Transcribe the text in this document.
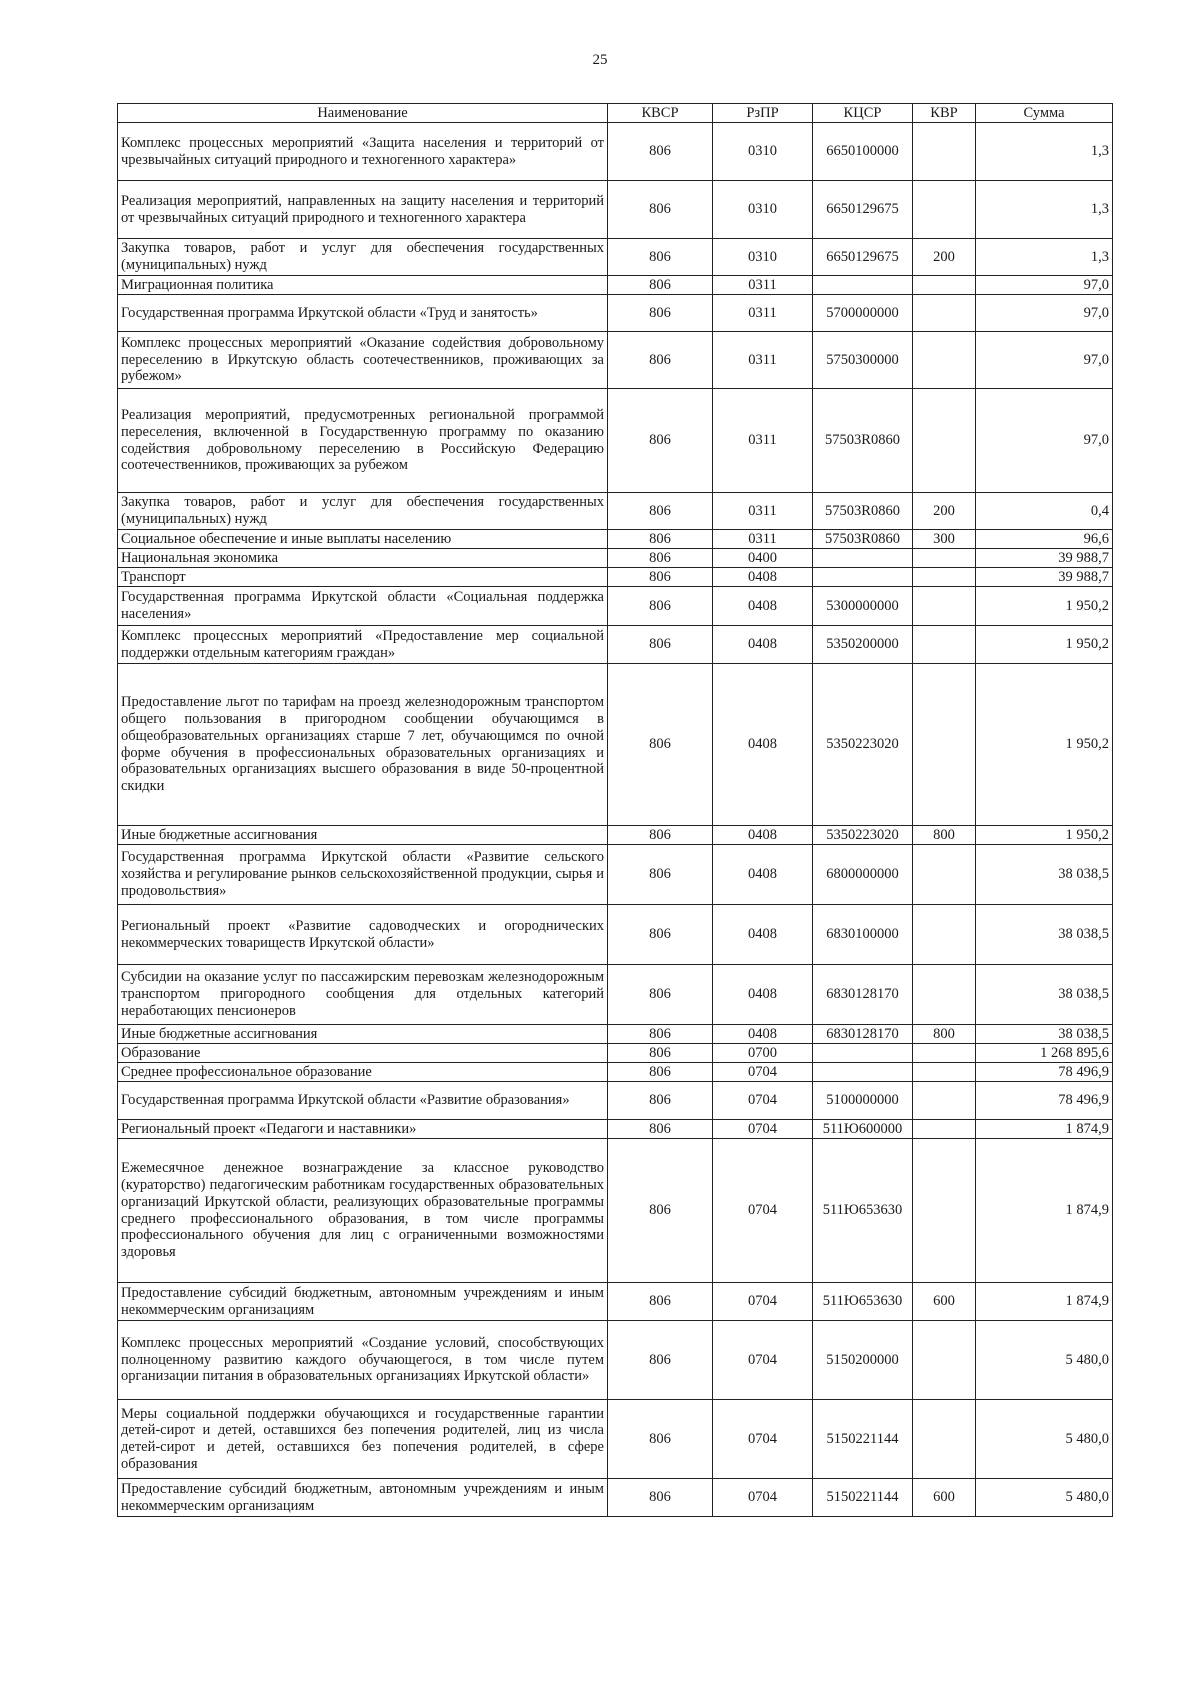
25
Наименование	КВСР	РзПР	КЦСР	КВР	Сумма
Комплекс процессных мероприятий «Защита населения и территорий от чрезвычайных ситуаций природного и техногенного характера»	806	0310	6650100000		1,3
Реализация мероприятий, направленных на защиту населения и территорий от чрезвычайных ситуаций природного и техногенного характера	806	0310	6650129675		1,3
Закупка товаров, работ и услуг для обеспечения государственных (муниципальных) нужд	806	0310	6650129675	200	1,3
Миграционная политика	806	0311			97,0
Государственная программа Иркутской области «Труд и занятость»	806	0311	5700000000		97,0
Комплекс процессных мероприятий «Оказание содействия добровольному переселению в Иркутскую область соотечественников, проживающих за рубежом»	806	0311	5750300000		97,0
Реализация мероприятий, предусмотренных региональной программой переселения, включенной в Государственную программу по оказанию содействия добровольному переселению в Российскую Федерацию соотечественников, проживающих за рубежом	806	0311	57503R0860		97,0
Закупка товаров, работ и услуг для обеспечения государственных (муниципальных) нужд	806	0311	57503R0860	200	0,4
Социальное обеспечение и иные выплаты населению	806	0311	57503R0860	300	96,6
Национальная экономика	806	0400			39 988,7
Транспорт	806	0408			39 988,7
Государственная программа Иркутской области «Социальная поддержка населения»	806	0408	5300000000		1 950,2
Комплекс процессных мероприятий «Предоставление мер социальной поддержки отдельным категориям граждан»	806	0408	5350200000		1 950,2
Предоставление льгот по тарифам на проезд железнодорожным транспортом общего пользования в пригородном сообщении обучающимся в общеобразовательных организациях старше 7 лет, обучающимся по очной форме обучения в профессиональных образовательных организациях и образовательных организациях высшего образования в виде 50-процентной скидки	806	0408	5350223020		1 950,2
Иные бюджетные ассигнования	806	0408	5350223020	800	1 950,2
Государственная программа Иркутской области «Развитие сельского хозяйства и регулирование рынков сельскохозяйственной продукции, сырья и продовольствия»	806	0408	6800000000		38 038,5
Региональный проект «Развитие садоводческих и огороднических некоммерческих товариществ Иркутской области»	806	0408	6830100000		38 038,5
Субсидии на оказание услуг по пассажирским перевозкам железнодорожным транспортом пригородного сообщения для отдельных категорий неработающих пенсионеров	806	0408	6830128170		38 038,5
Иные бюджетные ассигнования	806	0408	6830128170	800	38 038,5
Образование	806	0700			1 268 895,6
Среднее профессиональное образование	806	0704			78 496,9
Государственная программа Иркутской области «Развитие образования»	806	0704	5100000000		78 496,9
Региональный проект «Педагоги и наставники»	806	0704	511Ю600000		1 874,9
Ежемесячное денежное вознаграждение за классное руководство (кураторство) педагогическим работникам государственных образовательных организаций Иркутской области, реализующих образовательные программы среднего профессионального образования, в том числе программы профессионального обучения для лиц с ограниченными возможностями здоровья	806	0704	511Ю653630		1 874,9
Предоставление субсидий бюджетным, автономным учреждениям и иным некоммерческим организациям	806	0704	511Ю653630	600	1 874,9
Комплекс процессных мероприятий «Создание условий, способствующих полноценному развитию каждого обучающегося, в том числе путем организации питания в образовательных организациях Иркутской области»	806	0704	5150200000		5 480,0
Меры социальной поддержки обучающихся и государственные гарантии детей-сирот и детей, оставшихся без попечения родителей, лиц из числа детей-сирот и детей, оставшихся без попечения родителей, в сфере образования	806	0704	5150221144		5 480,0
Предоставление субсидий бюджетным, автономным учреждениям и иным некоммерческим организациям	806	0704	5150221144	600	5 480,0
